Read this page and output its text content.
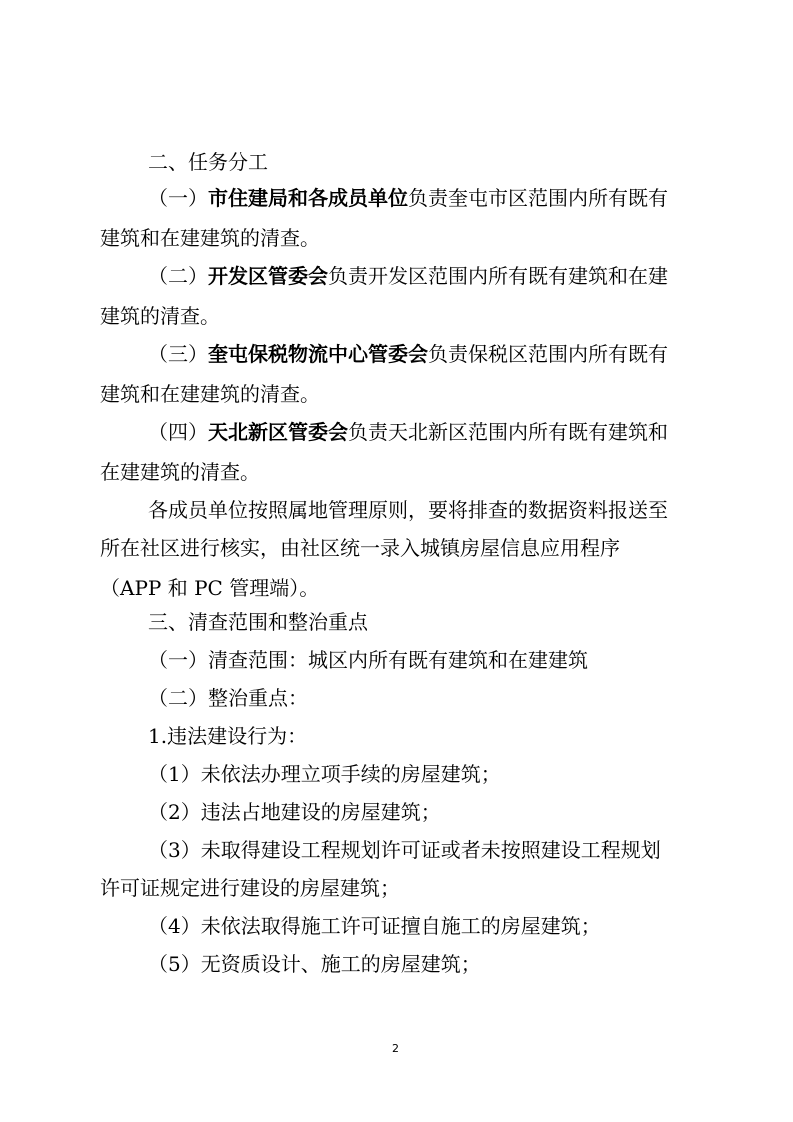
二、任务分工
（一）市住建局和各成员单位负责奎屯市区范围内所有既有
建筑和在建建筑的清查。
（二）开发区管委会负责开发区范围内所有既有建筑和在建
建筑的清查。
（三）奎屯保税物流中心管委会负责保税区范围内所有既有
建筑和在建建筑的清查。
（四）天北新区管委会负责天北新区范围内所有既有建筑和
在建建筑的清查。
各成员单位按照属地管理原则，要将排查的数据资料报送至
所在社区进行核实，由社区统一录入城镇房屋信息应用程序
（APP 和 PC 管理端）。
三、清查范围和整治重点
（一）清查范围：城区内所有既有建筑和在建建筑
（二）整治重点：
1.违法建设行为：
（1）未依法办理立项手续的房屋建筑；
（2）违法占地建设的房屋建筑；
（3）未取得建设工程规划许可证或者未按照建设工程规划
许可证规定进行建设的房屋建筑；
（4）未依法取得施工许可证擅自施工的房屋建筑；
（5）无资质设计、施工的房屋建筑；
2
